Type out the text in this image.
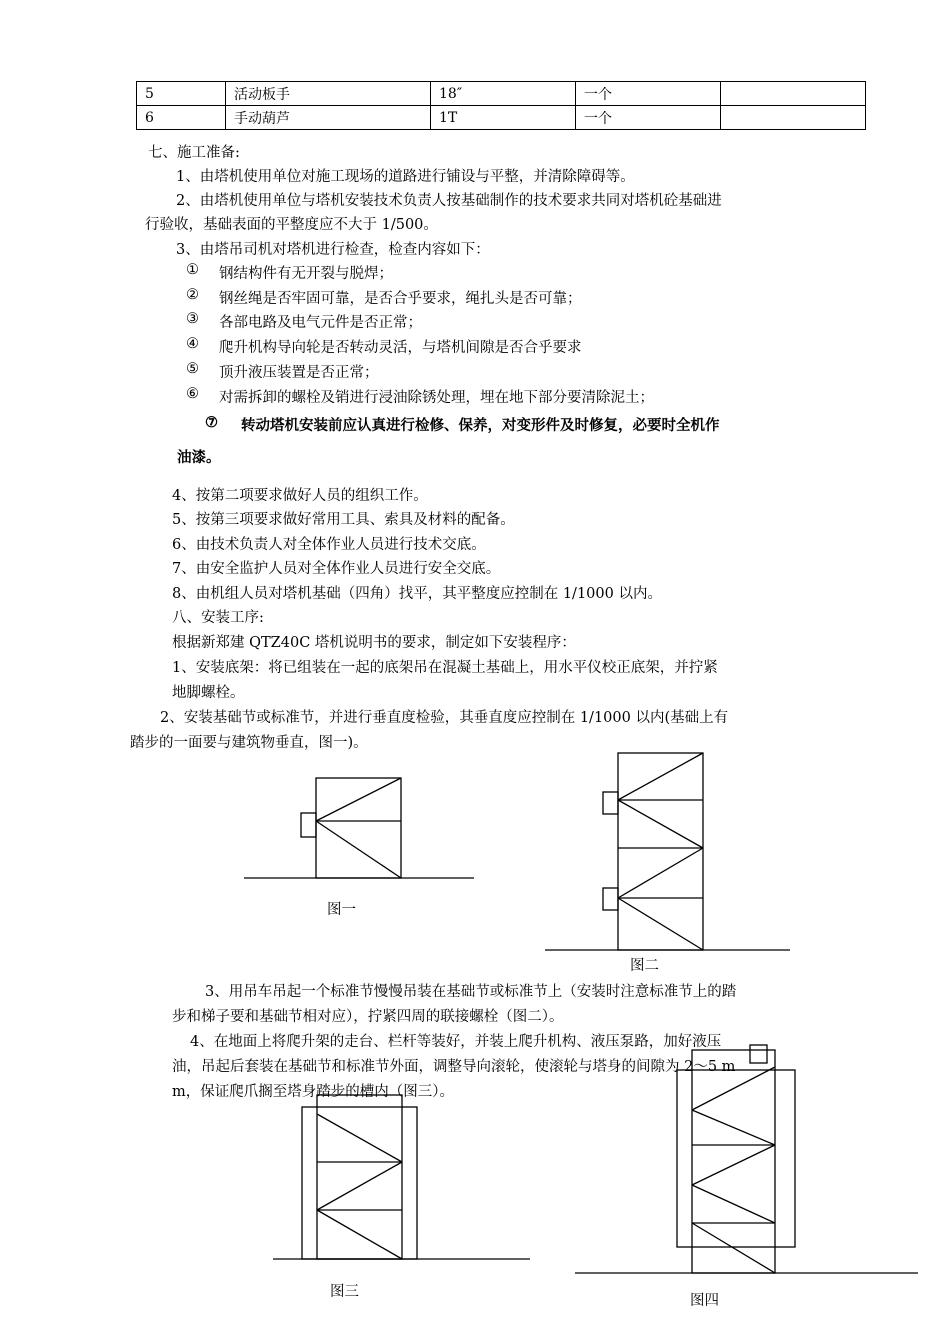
5	活动板手	18″	一个	
6	手动葫芦	1T	一个	
七、施工准备:
1、由塔机使用单位对施工现场的道路进行铺设与平整，并清除障碍等。
2、由塔机使用单位与塔机安装技术负责人按基础制作的技术要求共同对塔机砼基础进
行验收，基础表面的平整度应不大于 1/500。
3、由塔吊司机对塔机进行检查，检查内容如下：
① 钢结构件有无开裂与脱焊；
② 钢丝绳是否牢固可靠，是否合乎要求，绳扎头是否可靠；
③ 各部电路及电气元件是否正常；
④ 爬升机构导向轮是否转动灵活，与塔机间隙是否合乎要求
⑤ 顶升液压装置是否正常；
⑥ 对需拆卸的螺栓及销进行浸油除锈处理，埋在地下部分要清除泥土；
⑦ 转动塔机安装前应认真进行检修、保养，对变形件及时修复，必要时全机作
油漆。
4、按第二项要求做好人员的组织工作。
5、按第三项要求做好常用工具、索具及材料的配备。
6、由技术负责人对全体作业人员进行技术交底。
7、由安全监护人员对全体作业人员进行安全交底。
8、由机组人员对塔机基础（四角）找平，其平整度应控制在 1/1000 以内。
八、安装工序:
根据新郑建 QTZ40C 塔机说明书的要求，制定如下安装程序：
1、安装底架：将已组装在一起的底架吊在混凝土基础上，用水平仪校正底架，并拧紧
地脚螺栓。
2、安装基础节或标准节，并进行垂直度检验，其垂直度应控制在 1/1000 以内(基础上有
踏步的一面要与建筑物垂直，图一)。
图一
图二
图三
图四
3、用吊车吊起一个标准节慢慢吊装在基础节或标准节上（安装时注意标准节上的踏
步和梯子要和基础节相对应），拧紧四周的联接螺栓（图二）。
4、在地面上将爬升架的走台、栏杆等装好，并装上爬升机构、液压泵路，加好液压
油，吊起后套装在基础节和标准节外面，调整导向滚轮，使滚轮与塔身的间隙为 2～5 m
m，保证爬爪搁至塔身踏步的槽内（图三）。
